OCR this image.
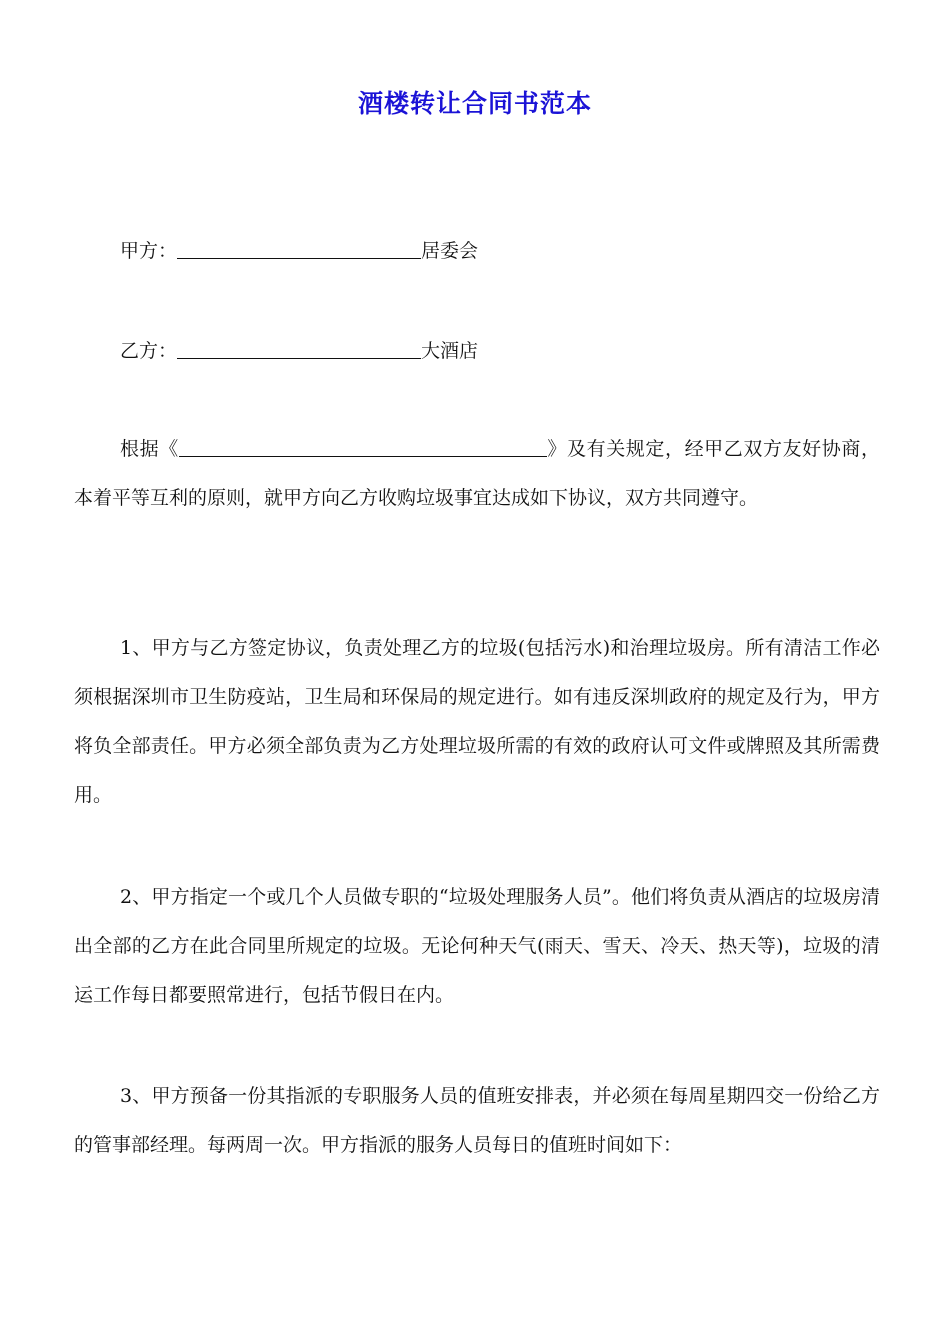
酒楼转让合同书范本
甲方：	居委会
乙方：	大酒店
根据《	》及有关规定，经甲乙双方友好协商，本着平等互利的原则，就甲方向乙方收购垃圾事宜达成如下协议，双方共同遵守。
1、甲方与乙方签定协议，负责处理乙方的垃圾(包括污水)和治理垃圾房。所有清洁工作必须根据深圳市卫生防疫站，卫生局和环保局的规定进行。如有违反深圳政府的规定及行为，甲方将负全部责任。甲方必须全部负责为乙方处理垃圾所需的有效的政府认可文件或牌照及其所需费用。
2、甲方指定一个或几个人员做专职的“垃圾处理服务人员”。他们将负责从酒店的垃圾房清出全部的乙方在此合同里所规定的垃圾。无论何种天气(雨天、雪天、冷天、热天等)，垃圾的清运工作每日都要照常进行，包括节假日在内。
3、甲方预备一份其指派的专职服务人员的值班安排表，并必须在每周星期四交一份给乙方的管事部经理。每两周一次。甲方指派的服务人员每日的值班时间如下：
